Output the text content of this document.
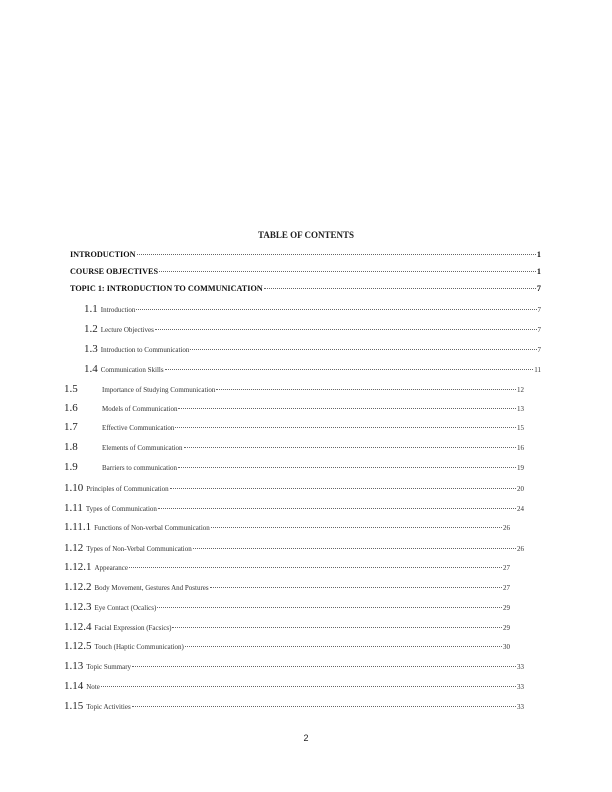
TABLE OF CONTENTS
INTRODUCTION	1
COURSE OBJECTIVES	1
TOPIC 1: INTRODUCTION TO COMMUNICATION	7
1.1 Introduction	7
1.2 Lecture Objectives	7
1.3 Introduction to Communication	7
1.4 Communication Skills	11
1.5	Importance of Studying Communication	12
1.6	Models of Communication	13
1.7	Effective Communication	15
1.8	Elements of Communication	16
1.9	Barriers to communication	19
1.10 Principles of Communication	20
1.11 Types of Communication	24
1.11.1 Functions of Non-verbal Communication	26
1.12 Types of Non-Verbal Communication	26
1.12.1 Appearance	27
1.12.2 Body Movement, Gestures And Postures	27
1.12.3 Eye Contact (Ocalics)	29
1.12.4 Facial Expression (Facsics)	29
1.12.5 Touch (Haptic Communication)	30
1.13 Topic Summary	33
1.14 Note	33
1.15 Topic Activities	33
2
